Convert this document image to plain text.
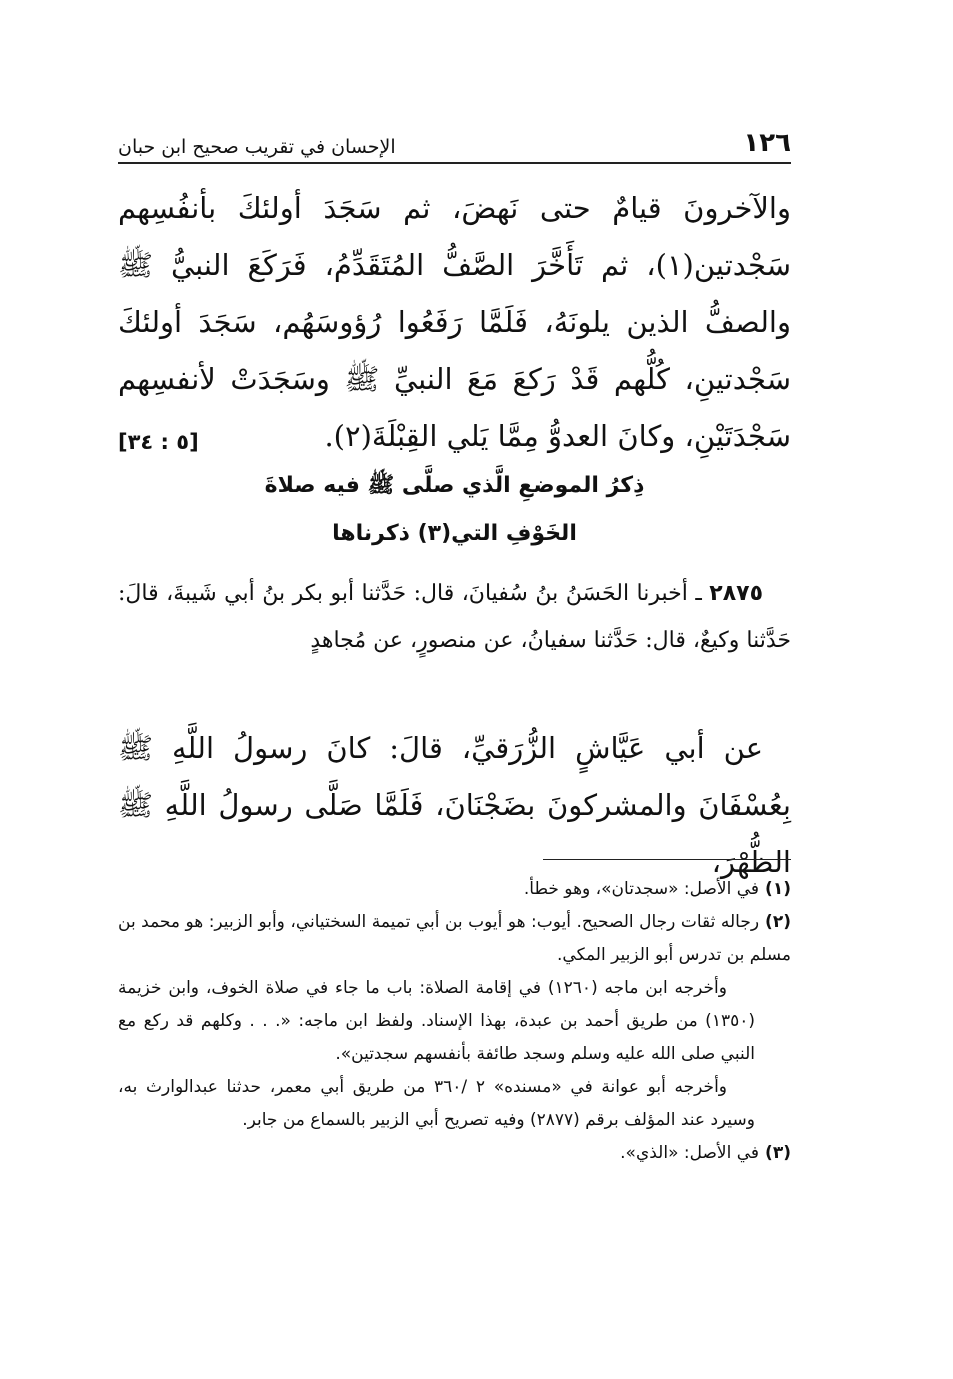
١٢٦
الإحسان في تقريب صحيح ابن حبان

والآخرونَ قيامٌ حتى نَهضَ، ثم سَجَدَ أولئكَ بأنفُسِهم سَجْدتين(١)، ثم تَأَخَّرَ الصَّفُّ المُتَقَدِّمُ، فَرَكَعَ النبيُّ ﷺ والصفُّ الذين يلونَهُ، فَلَمَّا رَفَعُوا رُؤوسَهُم، سَجَدَ أولئكَ سَجْدتينِ، كُلُّهم قَدْ رَكعَ مَعَ النبيِّ ﷺ وسَجَدَتْ لأنفسِهم سَجْدَتَيْنِ، وكانَ العدوُّ مِمَّا يَلي القِبْلَةَ(٢).
[٥ : ٣٤]

ذِكرُ الموضعِ الَّذي صلَّى ﷺ فيه صلاةَ
الخَوْفِ التي(٣) ذكرناها

٢٨٧٥ ـ أخبرنا الحَسَنُ بنُ سُفيانَ، قال: حَدَّثنا أبو بكر بنُ أبي شَيبةَ، قالَ: حَدَّثنا وكيعٌ، قال: حَدَّثنا سفيانُ، عن منصورٍ، عن مُجاهدٍ

عن أبي عَيَّاشٍ الزُّرَقيِّ، قالَ: كانَ رسولُ اللَّهِ ﷺ بِعُسْفَانَ والمشركونَ بضَجْنَانَ، فَلَمَّا صَلَّى رسولُ اللَّهِ ﷺ الظُّهْرَ،

(١)في الأصل: «سجدتان»، وهو خطأ.

(٢)رجاله ثقات رجال الصحيح. أيوب: هو أيوب بن أبي تميمة السختياني، وأبو الزبير: هو محمد بن مسلم بن تدرس أبو الزبير المكي.

وأخرجه ابن ماجه (١٢٦٠) في إقامة الصلاة: باب ما جاء في صلاة الخوف، وابن خزيمة (١٣٥٠) من طريق أحمد بن عبدة، بهذا الإسناد. ولفظ ابن ماجه: «. . . وكلهم قد ركع مع النبي صلى الله عليه وسلم وسجد طائفة بأنفسهم سجدتين».

وأخرجه أبو عوانة في «مسنده» ٢ /٣٦٠ من طريق أبي معمر، حدثنا عبدالوارث به، وسيرد عند المؤلف برقم (٢٨٧٧) وفيه تصريح أبي الزبير بالسماع من جابر.

(٣)في الأصل: «الذي».
